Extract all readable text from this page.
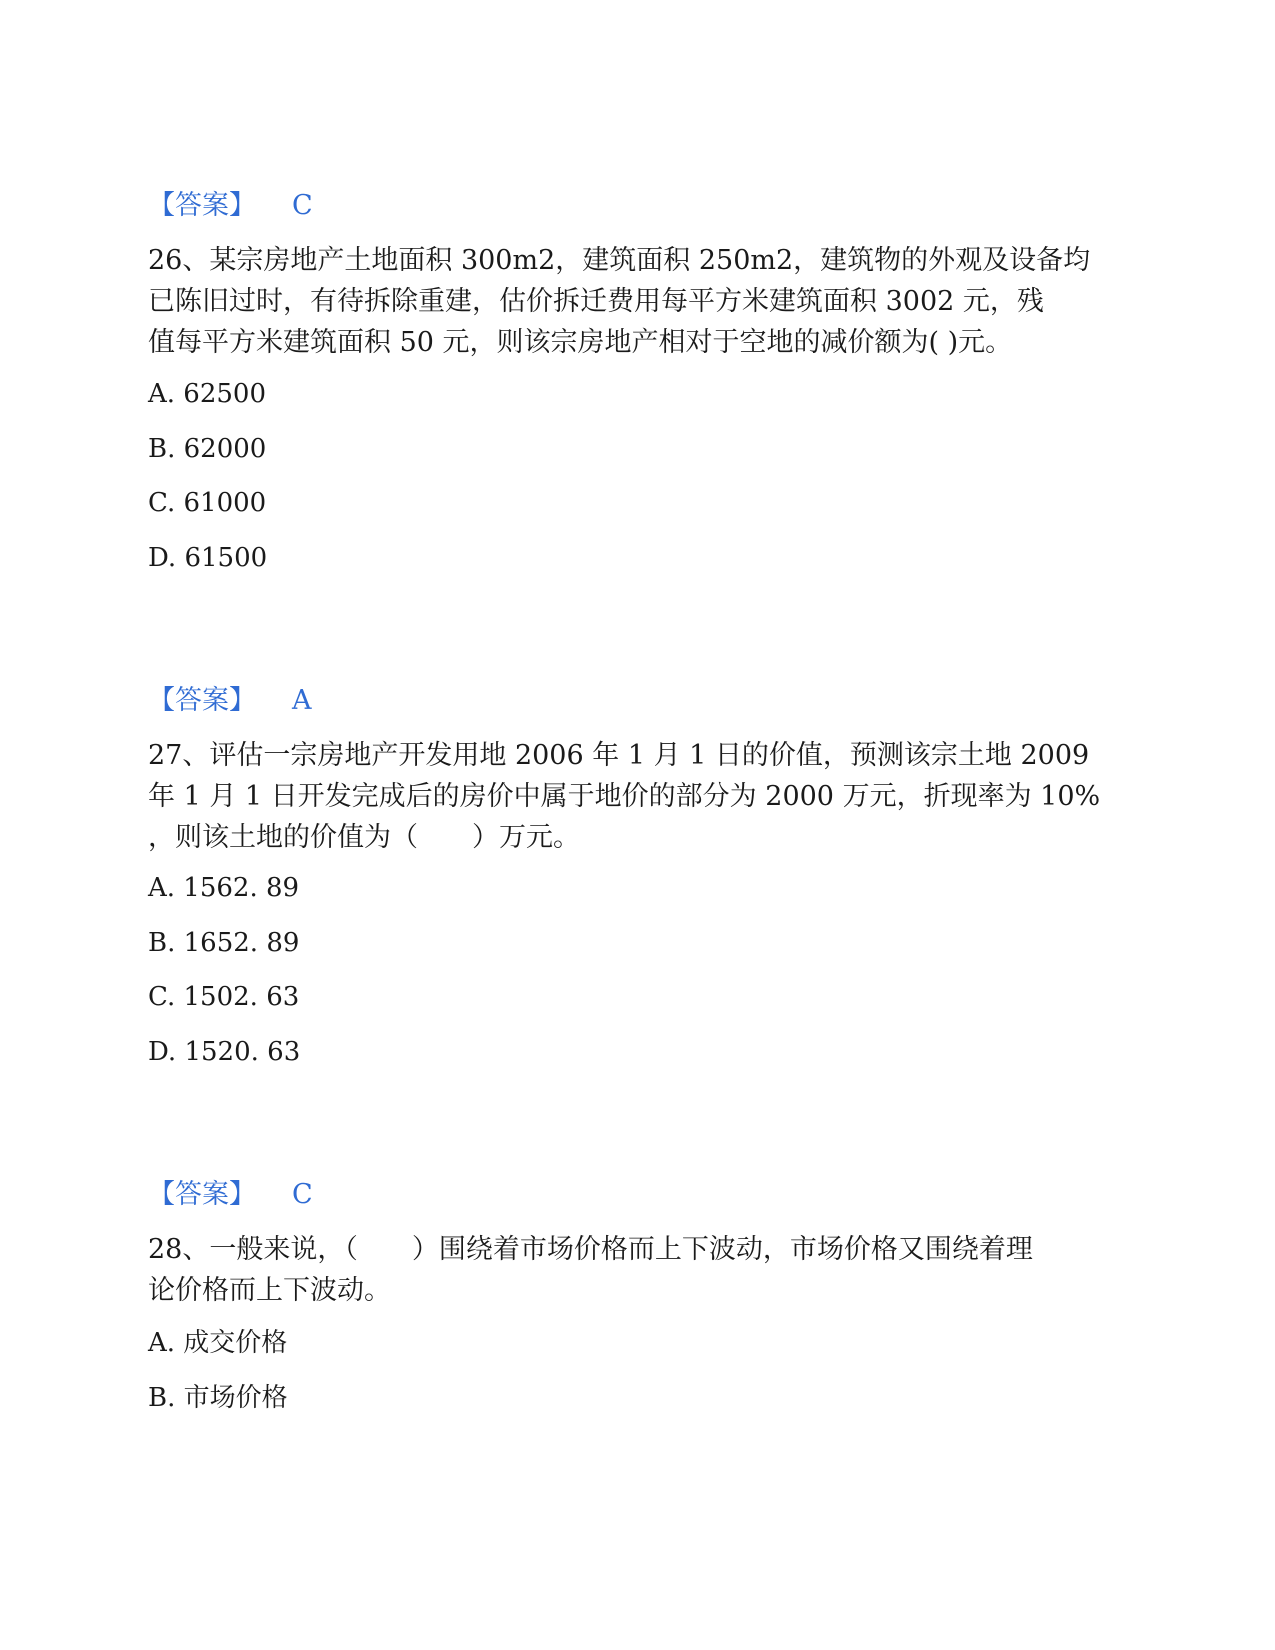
【答案】 C
26、某宗房地产土地面积 300m2，建筑面积 250m2，建筑物的外观及设备均
已陈旧过时，有待拆除重建，估价拆迁费用每平方米建筑面积 3002 元，残
值每平方米建筑面积 50 元，则该宗房地产相对于空地的减价额为( )元。
A. 62500
B. 62000
C. 61000
D. 61500
【答案】 A
27、评估一宗房地产开发用地 2006 年 1 月 1 日的价值，预测该宗土地 2009
年 1 月 1 日开发完成后的房价中属于地价的部分为 2000 万元，折现率为 10%
，则该土地的价值为（　　）万元。
A. 1562. 89
B. 1652. 89
C. 1502. 63
D. 1520. 63
【答案】 C
28、一般来说，（　　）围绕着市场价格而上下波动，市场价格又围绕着理
论价格而上下波动。
A. 成交价格
B. 市场价格
